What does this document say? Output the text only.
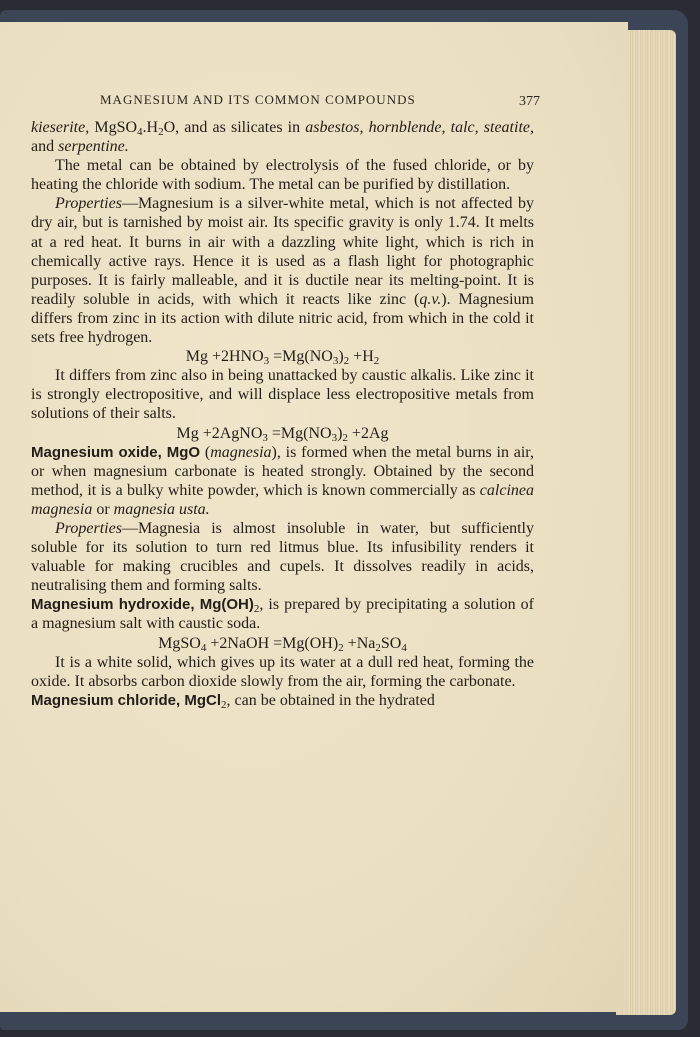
MAGNESIUM AND ITS COMMON COMPOUNDS	377

kieserite, $MgSO_4.H_2O$, and as silicates in asbestos, hornblende, talc, steatite, and serpentine.

The metal can be obtained by electrolysis of the fused chloride, or by heating the chloride with sodium. The metal can be purified by distillation.

Properties—Magnesium is a silver-white metal, which is not affected by dry air, but is tarnished by moist air. Its specific gravity is only 1.74. It melts at a red heat. It burns in air with a dazzling white light, which is rich in chemically active rays. Hence it is used as a flash light for photographic purposes. It is fairly malleable, and it is ductile near its melting-point. It is readily soluble in acids, with which it reacts like zinc (q.v.). Magnesium differs from zinc in its action with dilute nitric acid, from which in the cold it sets free hydrogen.

$Mg +2HNO_3 =Mg(NO_3)_2 +H_2$

It differs from zinc also in being unattacked by caustic alkalis. Like zinc it is strongly electropositive, and will displace less electropositive metals from solutions of their salts.

Mg +2AgNO$_3$ $=Mg(NO_3)_2 +2Ag$

Magnesium oxide, MgO (magnesia), is formed when the metal burns in air, or when magnesium carbonate is heated strongly. Obtained by the second method, it is a bulky white powder, which is known commercially as calcinea magnesia or magnesia usta.

Properties—Magnesia is almost insoluble in water, but sufficiently soluble for its solution to turn red litmus blue. Its infusibility renders it valuable for making crucibles and cupels. It dissolves readily in acids, neutralising them and forming salts.

Magnesium hydroxide, $Mg(OH)_2$, is prepared by precipitating a solution of a magnesium salt with caustic soda.

MgSO$_4$ +2NaOH $=Mg(OH)_2 +Na_2SO_4$

It is a white solid, which gives up its water at a dull red heat, forming the oxide. It absorbs carbon dioxide slowly from the air, forming the carbonate.

Magnesium chloride, MgCl$_2$, can be obtained in the hydrated
